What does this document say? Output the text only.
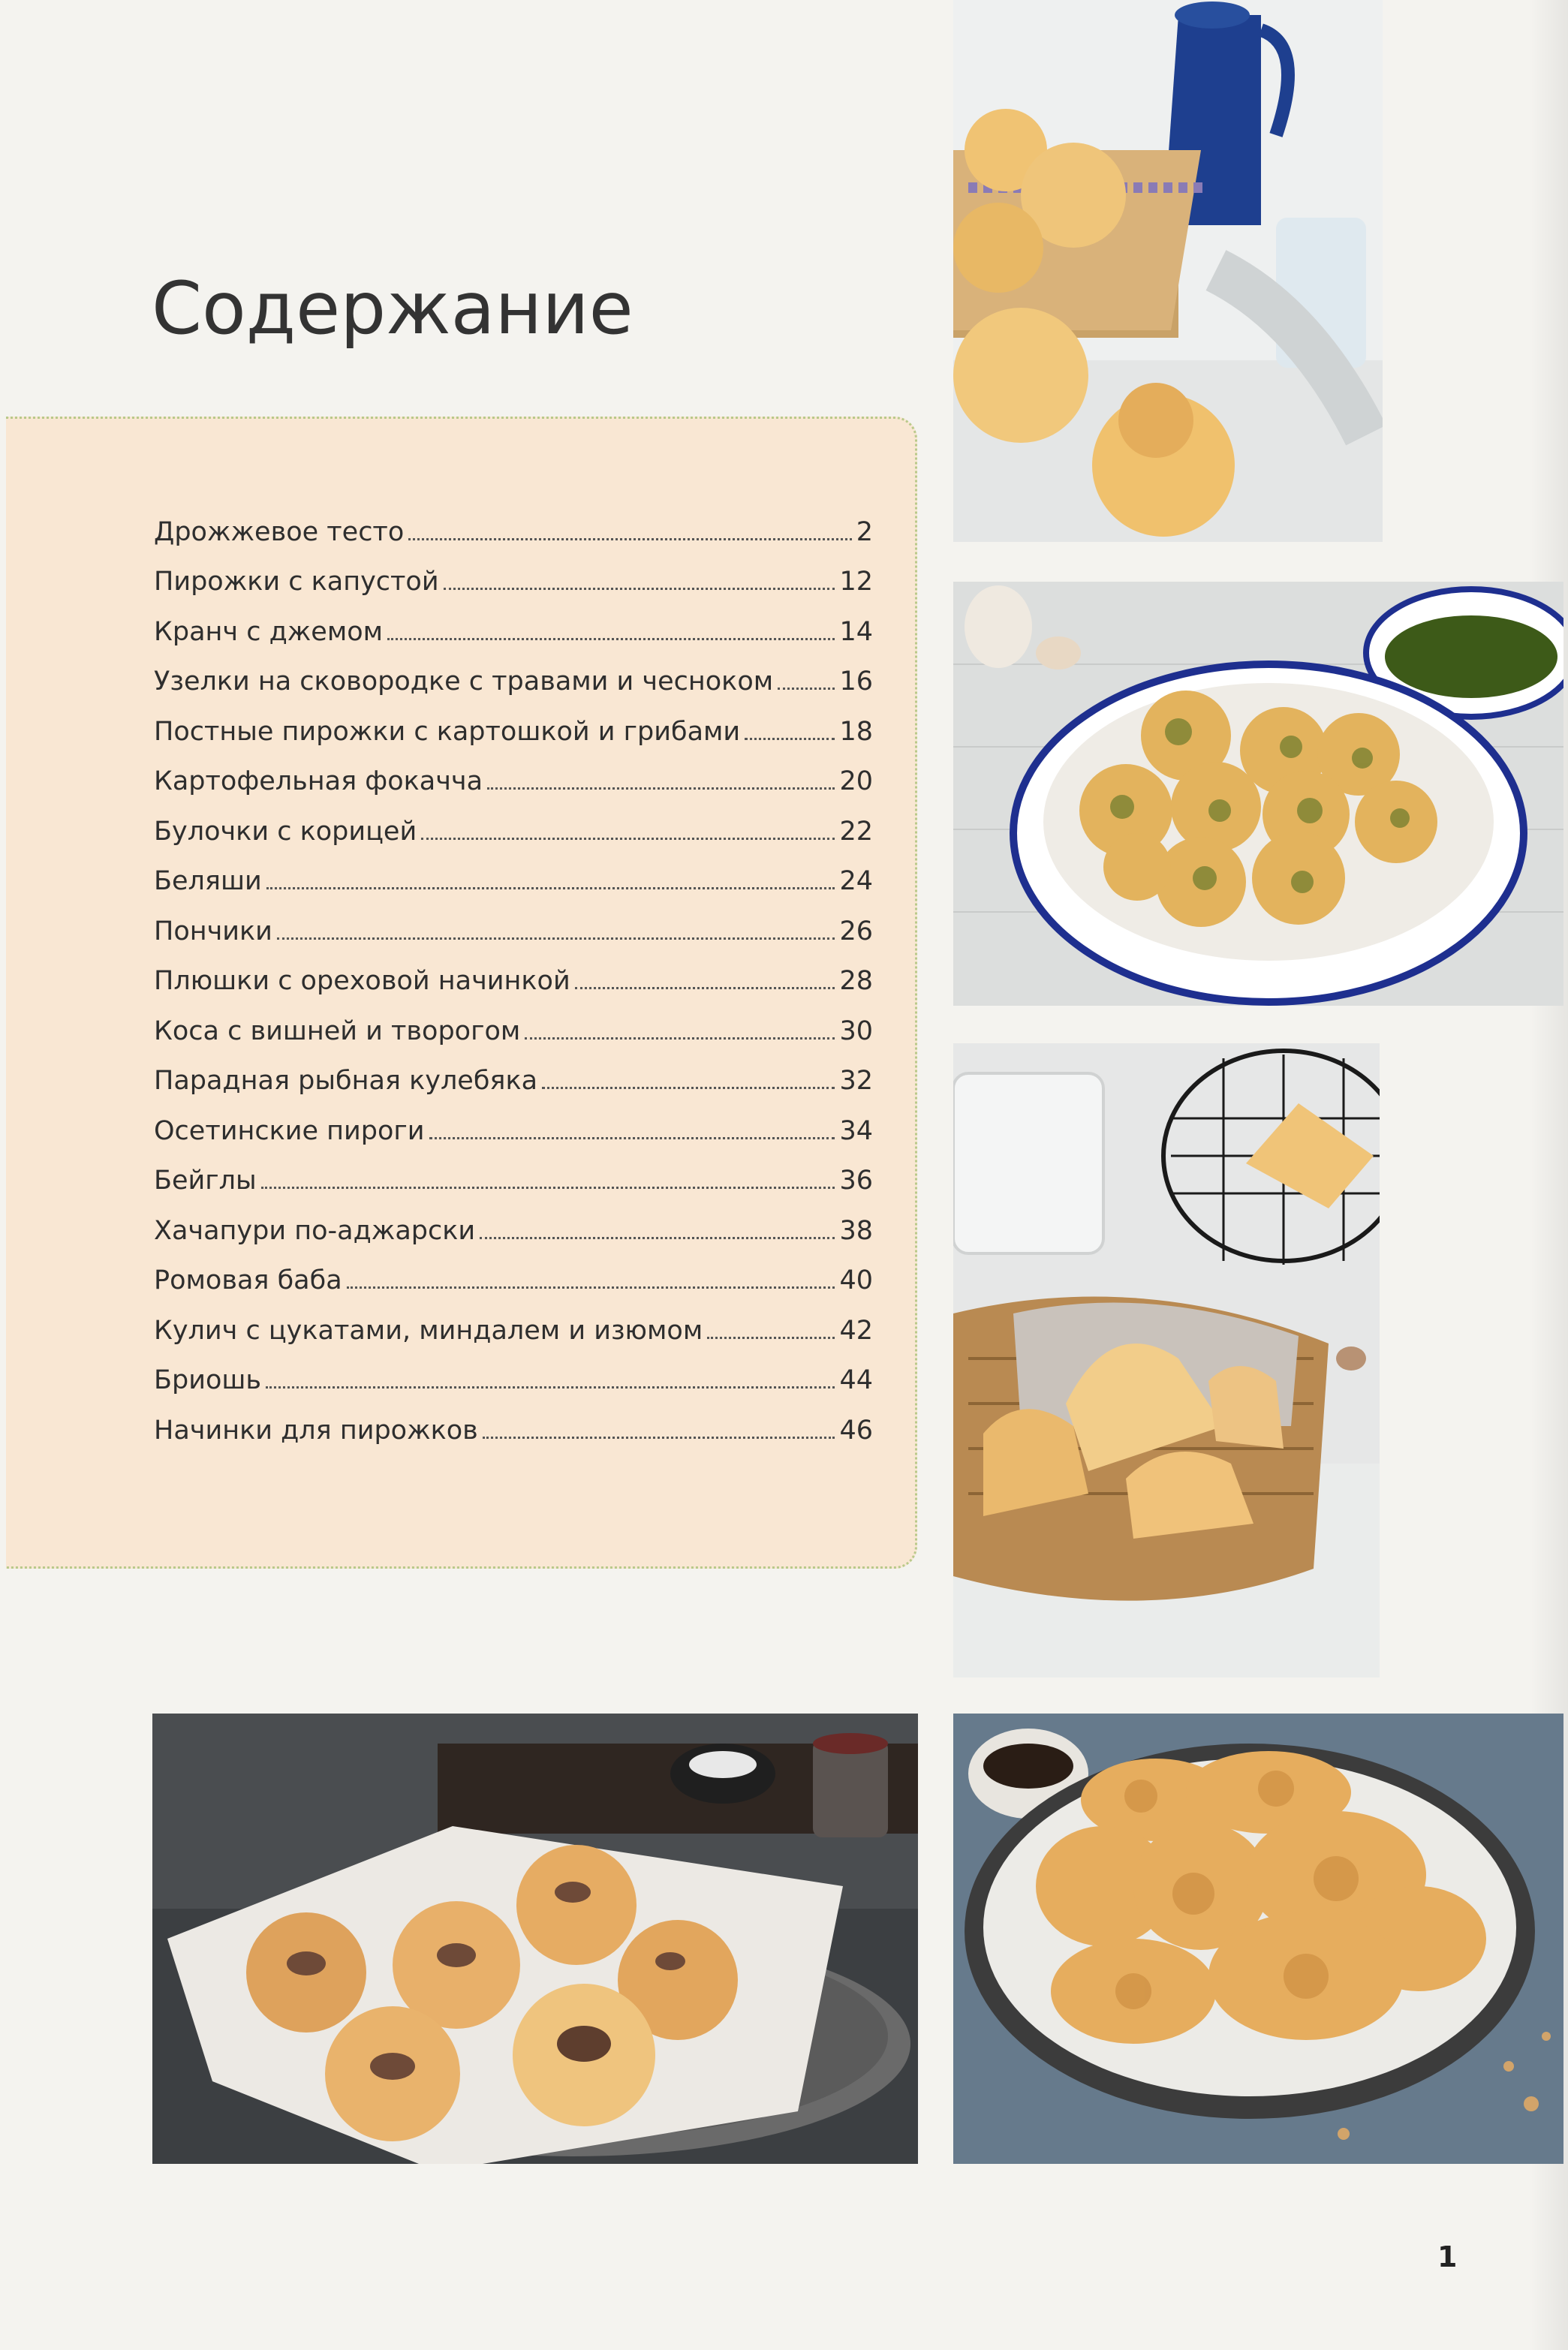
Содержание
Дрожжевое тесто	2
Пирожки с капустой	12
Кранч с джемом	14
Узелки на сковородке с травами и чесноком	16
Постные пирожки с картошкой и грибами	18
Картофельная фокачча	20
Булочки с корицей	22
Беляши	24
Пончики	26
Плюшки с ореховой начинкой	28
Коса с вишней и творогом	30
Парадная рыбная кулебяка	32
Осетинские пироги	34
Бейглы	36
Хачапури по-аджарски	38
Ромовая баба	40
Кулич с цукатами, миндалем и изюмом	42
Бриошь	44
Начинки для пирожков	46
1
